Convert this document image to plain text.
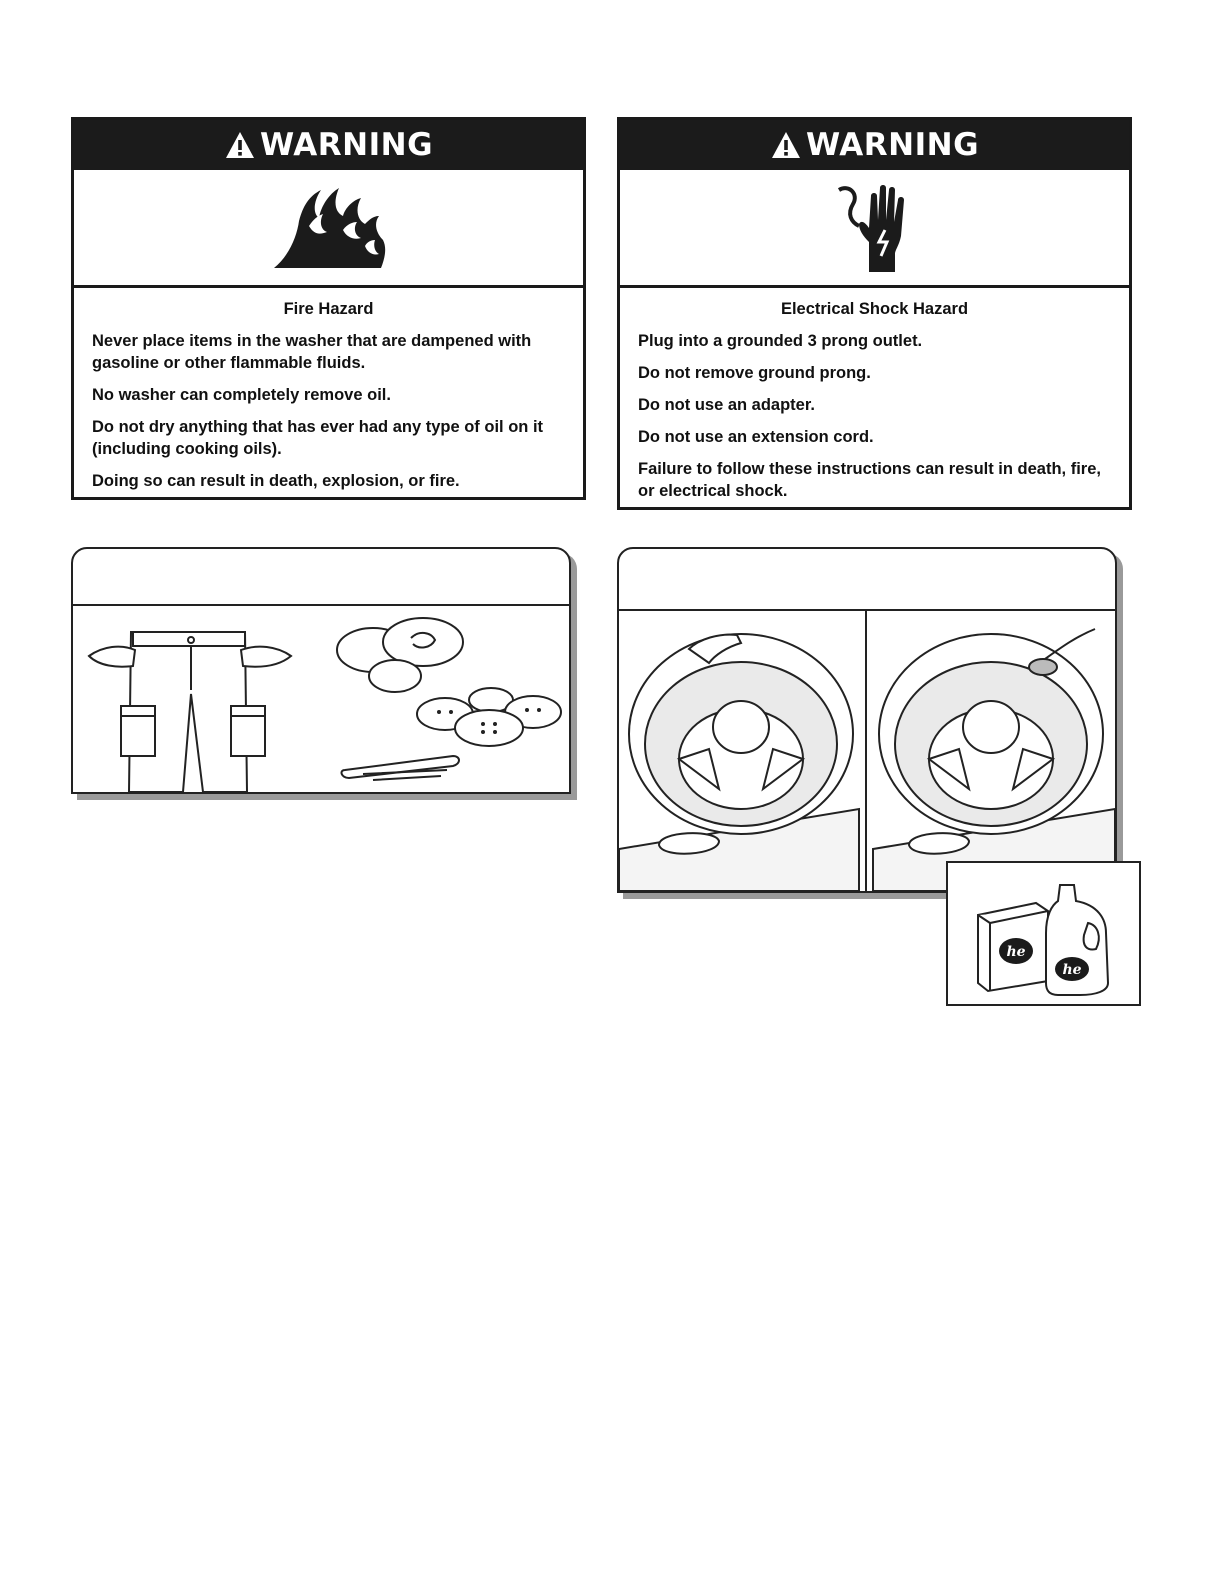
WARNING

Fire Hazard

Never place items in the washer that are dampened with gasoline or other flammable fluids.

No washer can completely remove oil.

Do not dry anything that has ever had any type of oil on it (including cooking oils).

Doing so can result in death, explosion, or fire.

WARNING

Electrical Shock Hazard

Plug into a grounded 3 prong outlet.

Do not remove ground prong.

Do not use an adapter.

Do not use an extension cord.

Failure to follow these instructions can result in death, fire, or electrical shock.

he
he
